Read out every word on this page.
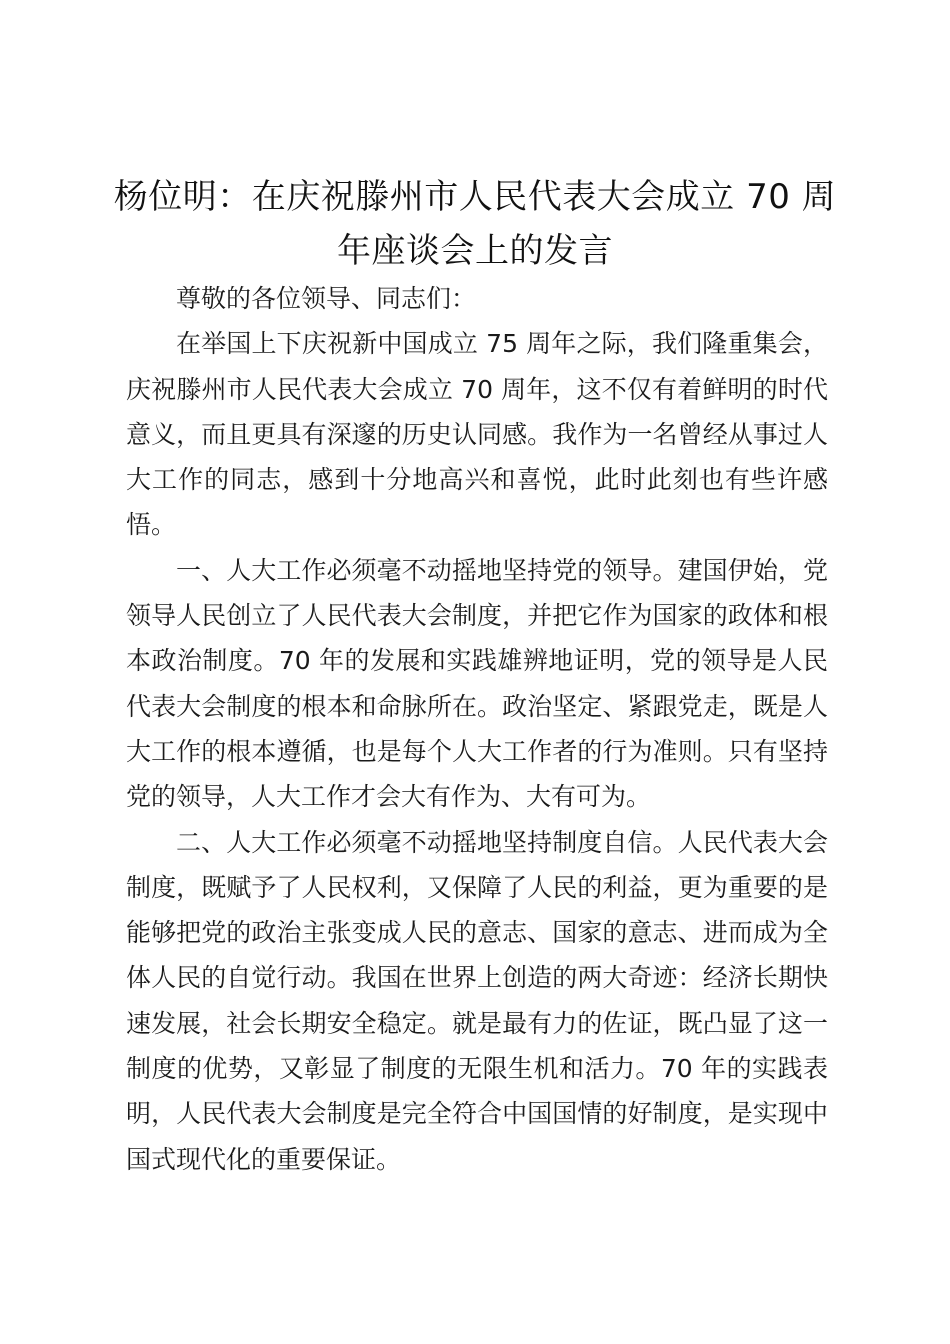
杨位明：在庆祝滕州市人民代表大会成立 70 周年座谈会上的发言

尊敬的各位领导、同志们：

在举国上下庆祝新中国成立 75 周年之际，我们隆重集会，庆祝滕州市人民代表大会成立 70 周年，这不仅有着鲜明的时代意义，而且更具有深邃的历史认同感。我作为一名曾经从事过人大工作的同志，感到十分地高兴和喜悦，此时此刻也有些许感悟。

一、人大工作必须毫不动摇地坚持党的领导。建国伊始，党领导人民创立了人民代表大会制度，并把它作为国家的政体和根本政治制度。70 年的发展和实践雄辨地证明，党的领导是人民代表大会制度的根本和命脉所在。政治坚定、紧跟党走，既是人大工作的根本遵循，也是每个人大工作者的行为准则。只有坚持党的领导，人大工作才会大有作为、大有可为。

二、人大工作必须毫不动摇地坚持制度自信。人民代表大会制度，既赋予了人民权利，又保障了人民的利益，更为重要的是能够把党的政治主张变成人民的意志、国家的意志、进而成为全体人民的自觉行动。我国在世界上创造的两大奇迹：经济长期快速发展，社会长期安全稳定。就是最有力的佐证，既凸显了这一制度的优势，又彰显了制度的无限生机和活力。70 年的实践表明，人民代表大会制度是完全符合中国国情的好制度，是实现中国式现代化的重要保证。
